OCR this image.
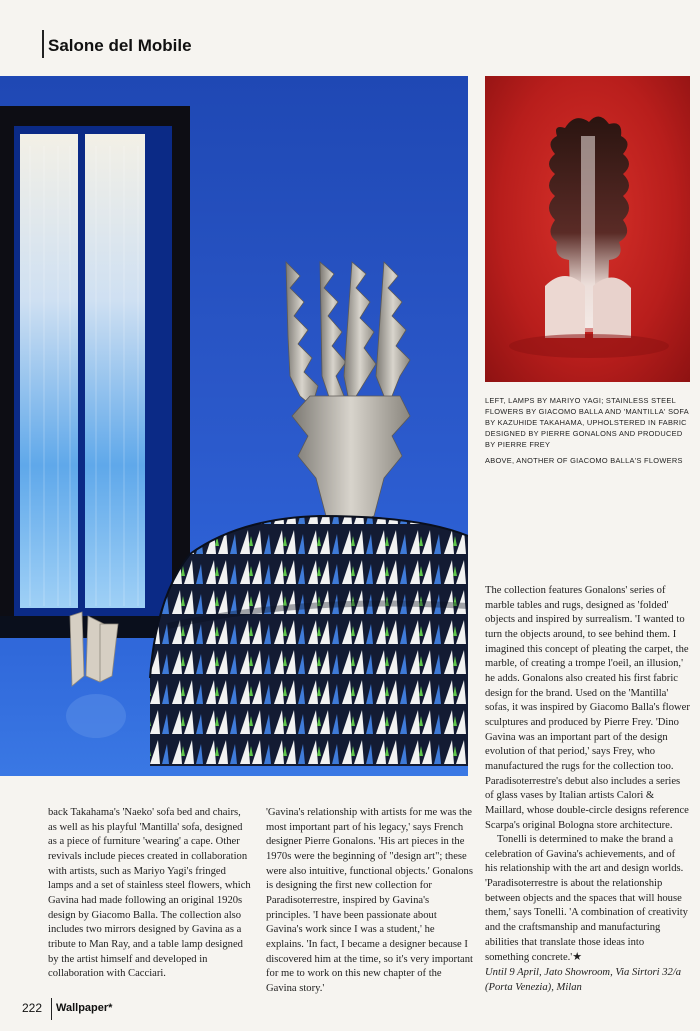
Salone del Mobile

LEFT, LAMPS BY MARIYO YAGI; STAINLESS STEEL FLOWERS BY GIACOMO BALLA AND 'MANTILLA' SOFA BY KAZUHIDE TAKAHAMA, UPHOLSTERED IN FABRIC DESIGNED BY PIERRE GONALONS AND PRODUCED BY PIERRE FREY

ABOVE, ANOTHER OF GIACOMO BALLA'S FLOWERS

The collection features Gonalons' series of marble tables and rugs, designed as 'folded' objects and inspired by surrealism. 'I wanted to turn the objects around, to see behind them. I imagined this concept of pleating the carpet, the marble, of creating a trompe l'oeil, an illusion,' he adds. Gonalons also created his first fabric design for the brand. Used on the 'Mantilla' sofas, it was inspired by Giacomo Balla's flower sculptures and produced by Pierre Frey. 'Dino Gavina was an important part of the design evolution of that period,' says Frey, who manufactured the rugs for the collection too. Paradisoterrestre's debut also includes a series of glass vases by Italian artists Calori & Maillard, whose double-circle designs reference Scarpa's original Bologna store architecture.

Tonelli is determined to make the brand a celebration of Gavina's achievements, and of his relationship with the art and design worlds. 'Paradisoterrestre is about the relationship between objects and the spaces that will house them,' says Tonelli. 'A combination of creativity and the craftsmanship and manufacturing abilities that translate those ideas into something concrete.'★

Until 9 April, Jato Showroom, Via Sirtori 32/a (Porta Venezia), Milan

back Takahama's 'Naeko' sofa bed and chairs, as well as his playful 'Mantilla' sofa, designed as a piece of furniture 'wearing' a cape. Other revivals include pieces created in collaboration with artists, such as Mariyo Yagi's fringed lamps and a set of stainless steel flowers, which Gavina had made following an original 1920s design by Giacomo Balla. The collection also includes two mirrors designed by Gavina as a tribute to Man Ray, and a table lamp designed by the artist himself and developed in collaboration with Cacciari.

'Gavina's relationship with artists for me was the most important part of his legacy,' says French designer Pierre Gonalons. 'His art pieces in the 1970s were the beginning of "design art"; these were also intuitive, functional objects.' Gonalons is designing the first new collection for Paradisoterrestre, inspired by Gavina's principles. 'I have been passionate about Gavina's work since I was a student,' he explains. 'In fact, I became a designer because I discovered him at the time, so it's very important for me to work on this new chapter of the Gavina story.'

222 Wallpaper*
